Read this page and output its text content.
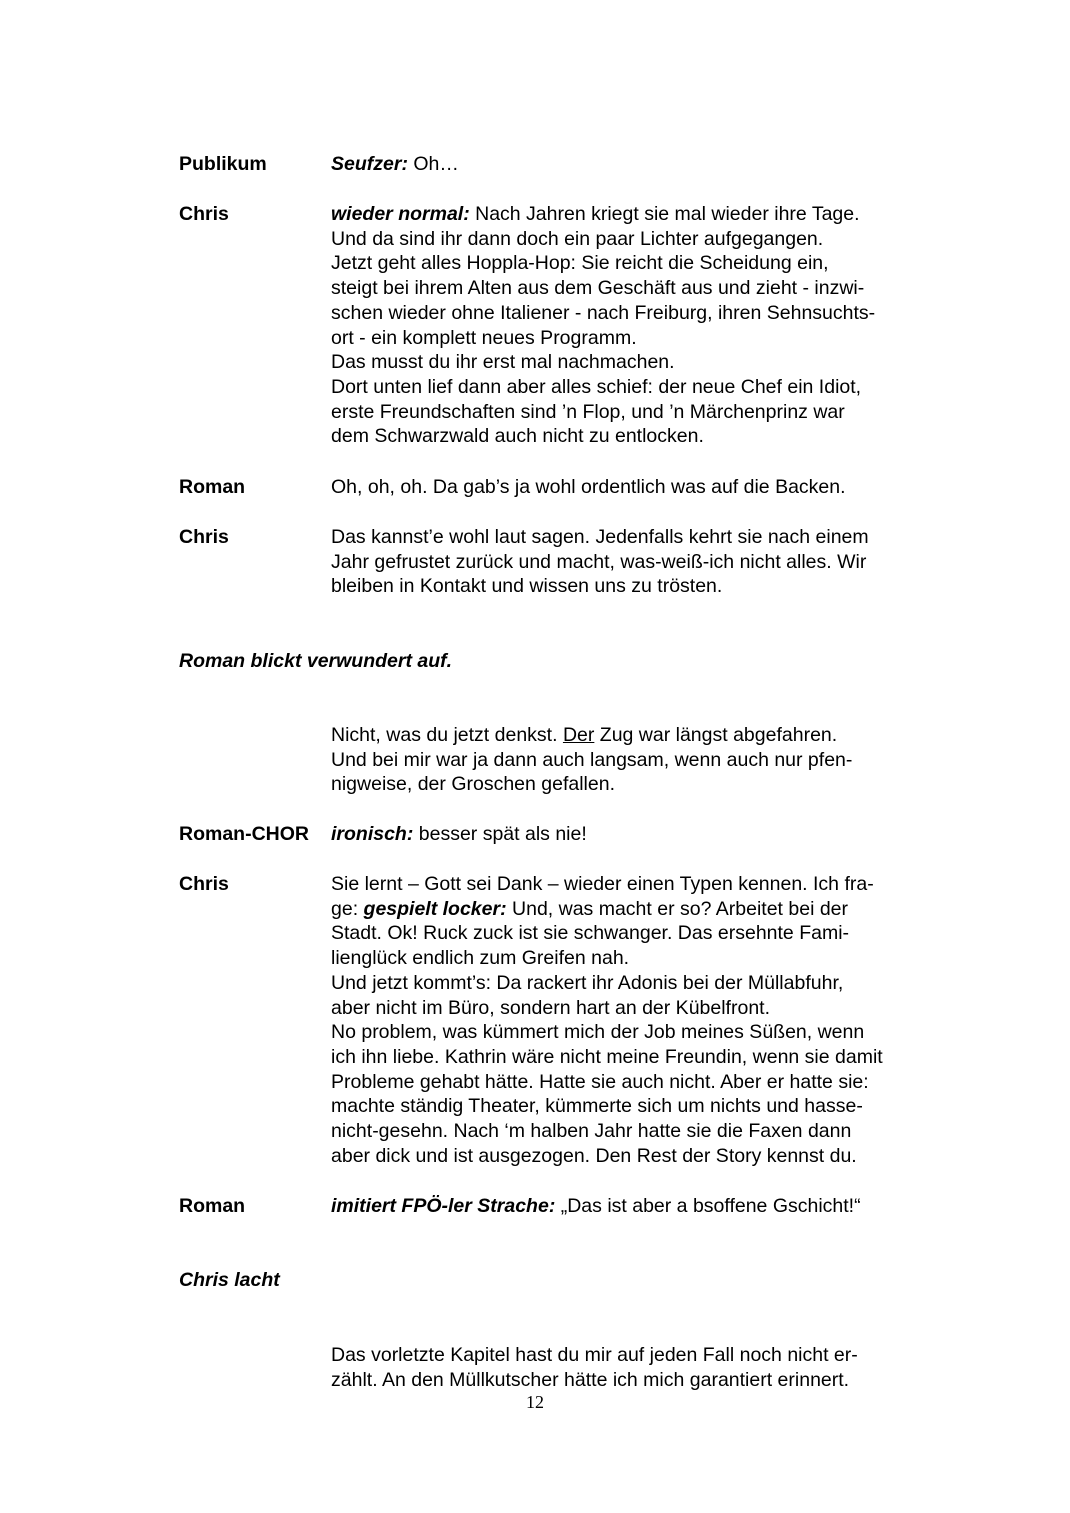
Publikum	Seufzer: Oh…
Chris	wieder normal: Nach Jahren kriegt sie mal wieder ihre Tage.
Und da sind ihr dann doch ein paar Lichter aufgegangen.
Jetzt geht alles Hoppla-Hop: Sie reicht die Scheidung ein,
steigt bei ihrem Alten aus dem Geschäft aus und zieht - inzwi-
schen wieder ohne Italiener - nach Freiburg, ihren Sehnsuchts-
ort - ein komplett neues Programm.
Das musst du ihr erst mal nachmachen.
Dort unten lief dann aber alles schief: der neue Chef ein Idiot,
erste Freundschaften sind ’n Flop, und ’n Märchenprinz war
dem Schwarzwald auch nicht zu entlocken.
Roman	Oh, oh, oh. Da gab’s ja wohl ordentlich was auf die Backen.
Chris	Das kannst’e wohl laut sagen. Jedenfalls kehrt sie nach einem
Jahr gefrustet zurück und macht, was-weiß-ich nicht alles. Wir
bleiben in Kontakt und wissen uns zu trösten.
Roman blickt verwundert auf.
Nicht, was du jetzt denkst. Der Zug war längst abgefahren.
Und bei mir war ja dann auch langsam, wenn auch nur pfen-
nigweise, der Groschen gefallen.
Roman-CHOR ironisch: besser spät als nie!
Chris	Sie lernt – Gott sei Dank – wieder einen Typen kennen. Ich fra-
ge: gespielt locker: Und, was macht er so? Arbeitet bei der
Stadt. Ok! Ruck zuck ist sie schwanger. Das ersehnte Fami-
lienglück endlich zum Greifen nah.
Und jetzt kommt’s: Da rackert ihr Adonis bei der Müllabfuhr,
aber nicht im Büro, sondern hart an der Kübelfront.
No problem, was kümmert mich der Job meines Süßen, wenn
ich ihn liebe. Kathrin wäre nicht meine Freundin, wenn sie damit
Probleme gehabt hätte. Hatte sie auch nicht. Aber er hatte sie:
machte ständig Theater, kümmerte sich um nichts und hasse-
nicht-gesehn. Nach ‘m halben Jahr hatte sie die Faxen dann
aber dick und ist ausgezogen. Den Rest der Story kennst du.
Roman	imitiert FPÖ-ler Strache: „Das ist aber a bsoffene Gschicht!“
Chris lacht
Das vorletzte Kapitel hast du mir auf jeden Fall noch nicht er-
zählt. An den Müllkutscher hätte ich mich garantiert erinnert.
12
